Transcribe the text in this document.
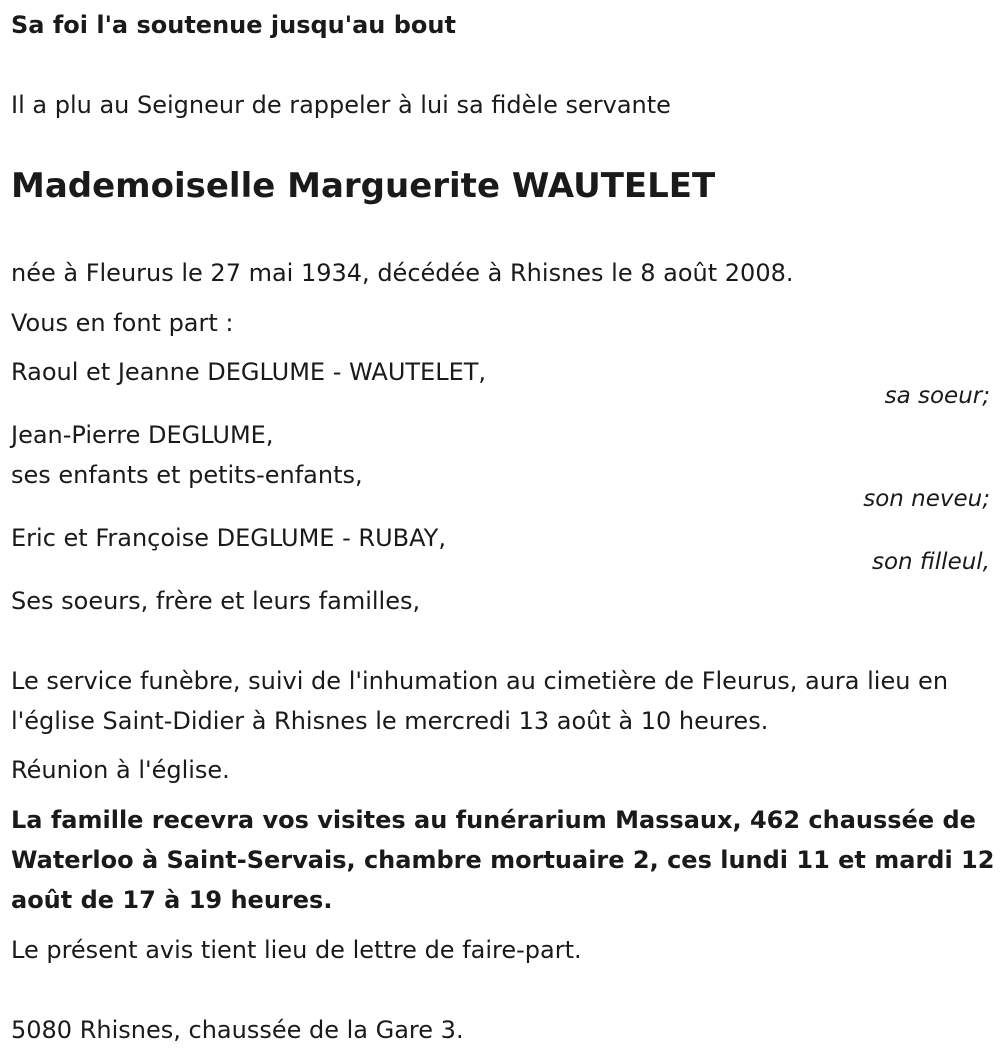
Sa foi l'a soutenue jusqu'au bout

Il a plu au Seigneur de rappeler à lui sa fidèle servante

Mademoiselle Marguerite WAUTELET

née à Fleurus le 27 mai 1934, décédée à Rhisnes le 8 août 2008.

Vous en font part :

Raoul et Jeanne DEGLUME - WAUTELET,

sa soeur;

Jean-Pierre DEGLUME,

ses enfants et petits-enfants,

son neveu;

Eric et Françoise DEGLUME - RUBAY,

son filleul,

Ses soeurs, frère et leurs familles,

Le service funèbre, suivi de l'inhumation au cimetière de Fleurus, aura lieu en l'église Saint-Didier à Rhisnes le mercredi 13 août à 10 heures.

Réunion à l'église.

La famille recevra vos visites au funérarium Massaux, 462 chaussée de Waterloo à Saint-Servais, chambre mortuaire 2, ces lundi 11 et mardi 12 août de 17 à 19 heures.

Le présent avis tient lieu de lettre de faire-part.

5080 Rhisnes, chaussée de la Gare 3.
